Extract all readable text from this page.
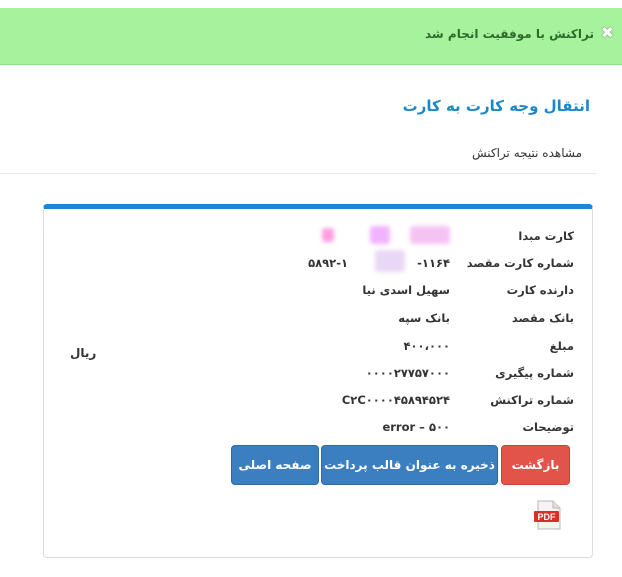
✖
تراکنش با موفقیت انجام شد
انتقال وجه کارت به کارت
مشاهده نتیجه تراکنش
کارت مبدا
شماره کارت مقصد
۱۱۶۴-
۵۸۹۲-۱
دارنده کارت
سهیل اسدی نیا
بانک مقصد
بانک سپه
مبلغ
۴۰۰،۰۰۰
ریال
شماره پیگیری
۰۰۰۰۲۷۷۵۷۰۰۰
شماره تراکنش
C۲C۰۰۰۰۴۵۸۹۴۵۲۴
توضیحات
۵۰۰ – error
بازگشت
ذخیره به عنوان قالب پرداخت
صفحه اصلی
PDF
